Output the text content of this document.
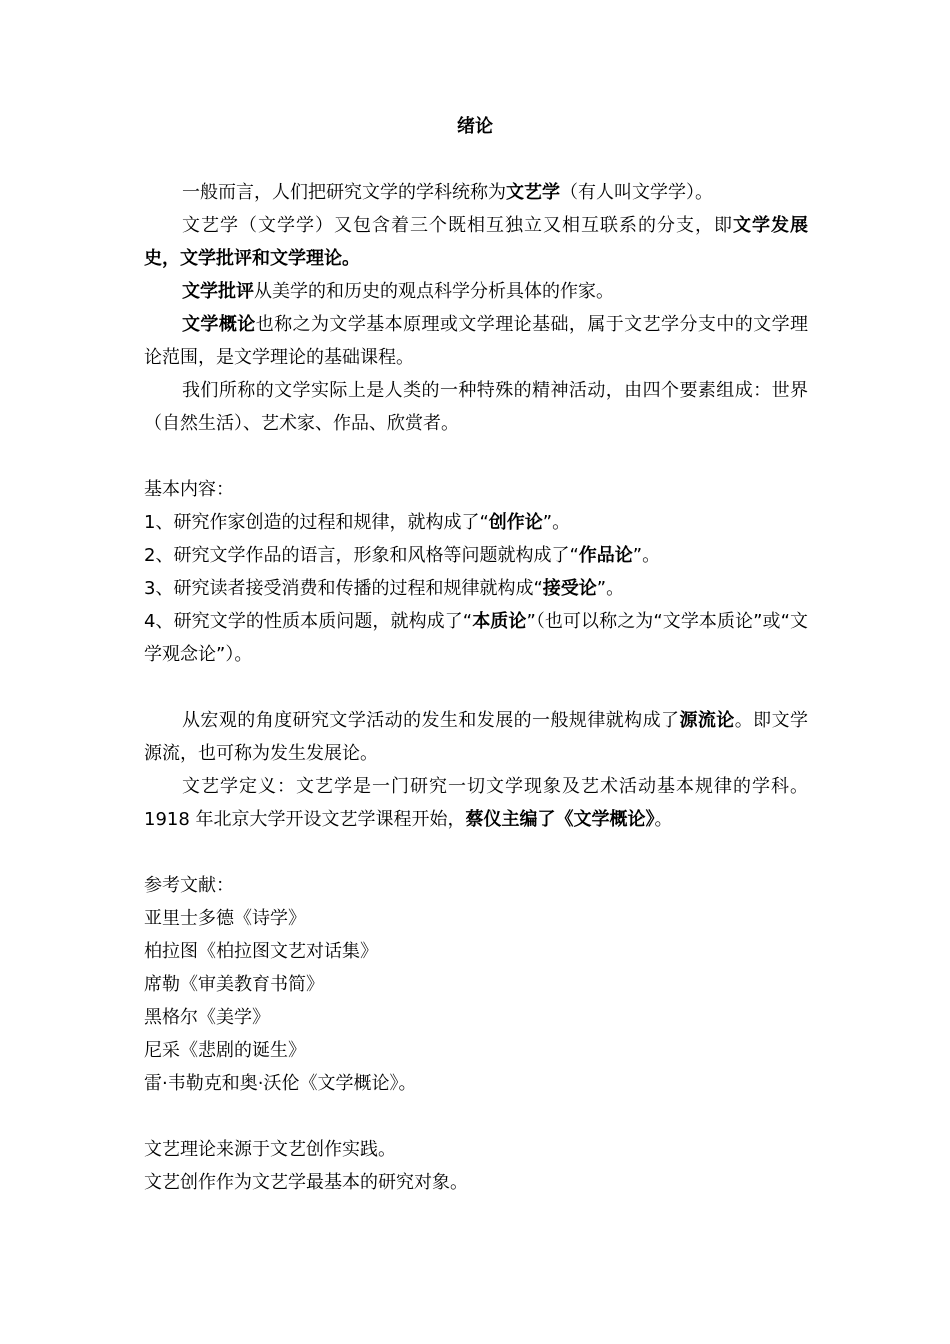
绪论

一般而言，人们把研究文学的学科统称为文艺学（有人叫文学学）。

文艺学（文学学）又包含着三个既相互独立又相互联系的分支，即文学发展史，文学批评和文学理论。

文学批评从美学的和历史的观点科学分析具体的作家。

文学概论也称之为文学基本原理或文学理论基础，属于文艺学分支中的文学理论范围，是文学理论的基础课程。

我们所称的文学实际上是人类的一种特殊的精神活动，由四个要素组成：世界（自然生活）、艺术家、作品、欣赏者。

基本内容：

1、研究作家创造的过程和规律，就构成了“创作论”。

2、研究文学作品的语言，形象和风格等问题就构成了“作品论”。

3、研究读者接受消费和传播的过程和规律就构成“接受论”。

4、研究文学的性质本质问题，就构成了“本质论”（也可以称之为“文学本质论”或“文学观念论”）。

从宏观的角度研究文学活动的发生和发展的一般规律就构成了源流论。即文学源流，也可称为发生发展论。

文艺学定义：文艺学是一门研究一切文学现象及艺术活动基本规律的学科。1918 年北京大学开设文艺学课程开始，蔡仪主编了《文学概论》。

参考文献：

亚里士多德《诗学》

柏拉图《柏拉图文艺对话集》

席勒《审美教育书简》

黑格尔《美学》

尼采《悲剧的诞生》

雷·韦勒克和奥·沃伦《文学概论》。

文艺理论来源于文艺创作实践。

文艺创作作为文艺学最基本的研究对象。
